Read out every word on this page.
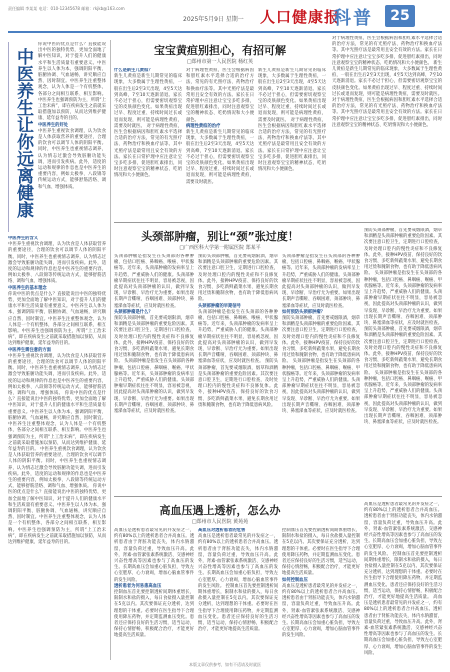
责任编辑 李某某 电话：010-12345678 邮箱：rkjkb@163.com
2025年5月9日 星期一 人口健康报
科普	25
中医养生让你远离健康
你说中医的优点是什么？直接能说出中医的独特优势，更加全面地了解中医知识，对于提升人们的健康水平和生活质量有重要意义。中医养生以人体为本，强调阴阳平衡、脏腑协调、气血通畅，讲究顺应自然、因时制宜。中医养生注重整体观念，认为人体是一个有机整体，各部分之间相互联系、相互影响。中医养生也强调预防为主，所谓“上工治未病”，即在疾病发生之前就采取措施加以预防，从而达到维护健康、延年益寿的目的。
中医养生的好处
中医养生重视饮食调理，认为饮食是人体获取营养的重要途径，合理的饮食可以调节人体的阴阳平衡。同时，中医养生也重视情志调养，认为情志过激会导致脏腑功能失调，进而引发疾病。此外，适度的运动和规律的作息也是中医养生的重要内容，例如太极拳、八段锦等传统运动方式，能够舒筋活络、调和气血、增强体质。
中医养生的含义
中医养生重视饮食调理，认为饮食是人体获取营养的重要途径，合理的饮食可以调节人体的阴阳平衡。同时，中医养生也重视情志调养，认为情志过激会导致脏腑功能失调，进而引发疾病。此外，适度的运动和规律的作息也是中医养生的重要内容，例如太极拳、八段锦等传统运动方式，能够舒筋活络、调和气血、增强体质。
中医养生的基本理念
你说中医的优点是什么？直接能说出中医的独特优势，更加全面地了解中医知识，对于提升人们的健康水平和生活质量有重要意义。中医养生以人体为本，强调阴阳平衡、脏腑协调、气血通畅，讲究顺应自然、因时制宜。中医养生注重整体观念，认为人体是一个有机整体，各部分之间相互联系、相互影响。中医养生也强调预防为主，所谓“上工治未病”，即在疾病发生之前就采取措施加以预防，从而达到维护健康、延年益寿的目的。
中医养生需注意的方面
中医养生重视饮食调理，认为饮食是人体获取营养的重要途径，合理的饮食可以调节人体的阴阳平衡。同时，中医养生也重视情志调养，认为情志过激会导致脏腑功能失调，进而引发疾病。此外，适度的运动和规律的作息也是中医养生的重要内容，例如太极拳、八段锦等传统运动方式，能够舒筋活络、调和气血、增强体质。 你说中医的优点是什么？直接能说出中医的独特优势，更加全面地了解中医知识，对于提升人们的健康水平和生活质量有重要意义。中医养生以人体为本，强调阴阳平衡、脏腑协调、气血通畅，讲究顺应自然、因时制宜。中医养生注重整体观念，认为人体是一个有机整体，各部分之间相互联系、相互影响。中医养生也强调预防为主，所谓“上工治未病”，即在疾病发生之前就采取措施加以预防，从而达到维护健康、延年益寿的目的。 中医养生重视饮食调理，认为饮食是人体获取营养的重要途径，合理的饮食可以调节人体的阴阳平衡。同时，中医养生也重视情志调养，认为情志过激会导致脏腑功能失调，进而引发疾病。此外，适度的运动和规律的作息也是中医养生的重要内容，例如太极拳、八段锦等传统运动方式，能够舒筋活络、调和气血、增强体质。 你说中医的优点是什么？直接能说出中医的独特优势，更加全面地了解中医知识，对于提升人们的健康水平和生活质量有重要意义。中医养生以人体为本，强调阴阳平衡、脏腑协调、气血通畅，讲究顺应自然、因时制宜。中医养生注重整体观念，认为人体是一个有机整体，各部分之间相互联系、相互影响。中医养生也强调预防为主，所谓“上工治未病”，即在疾病发生之前就采取措施加以预防，从而达到维护健康、延年益寿的目的。
宝宝黄疸别担心，有招可解
□郑州市第一人民医院 杨红英
什么是新生儿黄疸？
新生儿黄疸是新生儿期常见的临床现象，大多数属于生理性黄疸，一般在出生后2至3天出现，4至5天达到高峰，7至10天逐渐消退。家长不必过于担心，但需要密切观察宝宝的皮肤颜色变化。如果黄疸出现过早、程度过重、持续时间过长或退而复现，则可能是病理性黄疸，需要及时就医。 对于病理性黄疸，医生会根据病因和胆红素水平选择合适的治疗方法，常见的有光照疗法、药物治疗和换血疗法等。其中光照疗法是最常用且安全有效的方法。家长在日常护理中应注意让宝宝多吃多排，促进胆红素排出，同时注意观察宝宝的精神状态、吃奶情况和大小便颜色。
对于病理性黄疸，医生会根据病因和胆红素水平选择合适的治疗方法，常见的有光照疗法、药物治疗和换血疗法等。其中光照疗法是最常用且安全有效的方法。家长在日常护理中应注意让宝宝多吃多排，促进胆红素排出，同时注意观察宝宝的精神状态、吃奶情况和大小便颜色。
病理性黄疸的治疗
新生儿黄疸是新生儿期常见的临床现象，大多数属于生理性黄疸，一般在出生后2至3天出现，4至5天达到高峰，7至10天逐渐消退。家长不必过于担心，但需要密切观察宝宝的皮肤颜色变化。如果黄疸出现过早、程度过重、持续时间过长或退而复现，则可能是病理性黄疸，需要及时就医。
新生儿黄疸是新生儿期常见的临床现象，大多数属于生理性黄疸，一般在出生后2至3天出现，4至5天达到高峰，7至10天逐渐消退。家长不必过于担心，但需要密切观察宝宝的皮肤颜色变化。如果黄疸出现过早、程度过重、持续时间过长或退而复现，则可能是病理性黄疸，需要及时就医。 对于病理性黄疸，医生会根据病因和胆红素水平选择合适的治疗方法，常见的有光照疗法、药物治疗和换血疗法等。其中光照疗法是最常用且安全有效的方法。家长在日常护理中应注意让宝宝多吃多排，促进胆红素排出，同时注意观察宝宝的精神状态、吃奶情况和大小便颜色。
对于病理性黄疸，医生会根据病因和胆红素水平选择合适的治疗方法，常见的有光照疗法、药物治疗和换血疗法等。其中光照疗法是最常用且安全有效的方法。家长在日常护理中应注意让宝宝多吃多排，促进胆红素排出，同时注意观察宝宝的精神状态、吃奶情况和大小便颜色。 新生儿黄疸是新生儿期常见的临床现象，大多数属于生理性黄疸，一般在出生后2至3天出现，4至5天达到高峰，7至10天逐渐消退。家长不必过于担心，但需要密切观察宝宝的皮肤颜色变化。如果黄疸出现过早、程度过重、持续时间过长或退而复现，则可能是病理性黄疸，需要及时就医。 对于病理性黄疸，医生会根据病因和胆红素水平选择合适的治疗方法，常见的有光照疗法、药物治疗和换血疗法等。其中光照疗法是最常用且安全有效的方法。家长在日常护理中应注意让宝宝多吃多排，促进胆红素排出，同时注意观察宝宝的精神状态、吃奶情况和大小便颜色。
头颈部肿瘤，别让“颈”张过度！
□广西医科大学第一附属医院 郑某平
头颈部肿瘤是指发生在头颈部的各种肿瘤，包括口腔癌、鼻咽癌、喉癌、甲状腺癌等。近年来，头颈部肿瘤的发病率呈上升趋势，严重威胁人们的健康。头颈部肿瘤早期症状往往不明显，容易被忽视，因此提高对头颈部肿瘤的认识，做到早发现、早诊断、早治疗尤为重要。如果出现长期声音嘶哑、吞咽困难、颈部肿块、鼻塞涕血等症状，应及时就医检查。
头颈部肿瘤是什么？
预防头颈部肿瘤，首先要戒烟限酒，烟草和酒精是头颈部肿瘤的重要危险因素。其次要注意口腔卫生，定期进行口腔检查，及时处理口腔内的慢性炎症和不良修复体。此外，接种HPV疫苗、保持良好的饮食习惯、多吃新鲜蔬菜水果、避免长期食用过烫和腌制食物，也有助于降低患病风险。 头颈部肿瘤是指发生在头颈部的各种肿瘤，包括口腔癌、鼻咽癌、喉癌、甲状腺癌等。近年来，头颈部肿瘤的发病率呈上升趋势，严重威胁人们的健康。头颈部肿瘤早期症状往往不明显，容易被忽视，因此提高对头颈部肿瘤的认识，做到早发现、早诊断、早治疗尤为重要。如果出现长期声音嘶哑、吞咽困难、颈部肿块、鼻塞涕血等症状，应及时就医检查。
预防头颈部肿瘤，首先要戒烟限酒，烟草和酒精是头颈部肿瘤的重要危险因素。其次要注意口腔卫生，定期进行口腔检查，及时处理口腔内的慢性炎症和不良修复体。此外，接种HPV疫苗、保持良好的饮食习惯、多吃新鲜蔬菜水果、避免长期食用过烫和腌制食物，也有助于降低患病风险。
头颈部肿瘤的早期信号
头颈部肿瘤是指发生在头颈部的各种肿瘤，包括口腔癌、鼻咽癌、喉癌、甲状腺癌等。近年来，头颈部肿瘤的发病率呈上升趋势，严重威胁人们的健康。头颈部肿瘤早期症状往往不明显，容易被忽视，因此提高对头颈部肿瘤的认识，做到早发现、早诊断、早治疗尤为重要。如果出现长期声音嘶哑、吞咽困难、颈部肿块、鼻塞涕血等症状，应及时就医检查。 预防头颈部肿瘤，首先要戒烟限酒，烟草和酒精是头颈部肿瘤的重要危险因素。其次要注意口腔卫生，定期进行口腔检查，及时处理口腔内的慢性炎症和不良修复体。此外，接种HPV疫苗、保持良好的饮食习惯、多吃新鲜蔬菜水果、避免长期食用过烫和腌制食物，也有助于降低患病风险。
头颈部肿瘤是指发生在头颈部的各种肿瘤，包括口腔癌、鼻咽癌、喉癌、甲状腺癌等。近年来，头颈部肿瘤的发病率呈上升趋势，严重威胁人们的健康。头颈部肿瘤早期症状往往不明显，容易被忽视，因此提高对头颈部肿瘤的认识，做到早发现、早诊断、早治疗尤为重要。如果出现长期声音嘶哑、吞咽困难、颈部肿块、鼻塞涕血等症状，应及时就医检查。
如何预防头颈部肿瘤？
预防头颈部肿瘤，首先要戒烟限酒，烟草和酒精是头颈部肿瘤的重要危险因素。其次要注意口腔卫生，定期进行口腔检查，及时处理口腔内的慢性炎症和不良修复体。此外，接种HPV疫苗、保持良好的饮食习惯、多吃新鲜蔬菜水果、避免长期食用过烫和腌制食物，也有助于降低患病风险。 头颈部肿瘤是指发生在头颈部的各种肿瘤，包括口腔癌、鼻咽癌、喉癌、甲状腺癌等。近年来，头颈部肿瘤的发病率呈上升趋势，严重威胁人们的健康。头颈部肿瘤早期症状往往不明显，容易被忽视，因此提高对头颈部肿瘤的认识，做到早发现、早诊断、早治疗尤为重要。如果出现长期声音嘶哑、吞咽困难、颈部肿块、鼻塞涕血等症状，应及时就医检查。
预防头颈部肿瘤，首先要戒烟限酒，烟草和酒精是头颈部肿瘤的重要危险因素。其次要注意口腔卫生，定期进行口腔检查，及时处理口腔内的慢性炎症和不良修复体。此外，接种HPV疫苗、保持良好的饮食习惯、多吃新鲜蔬菜水果、避免长期食用过烫和腌制食物，也有助于降低患病风险。 头颈部肿瘤是指发生在头颈部的各种肿瘤，包括口腔癌、鼻咽癌、喉癌、甲状腺癌等。近年来，头颈部肿瘤的发病率呈上升趋势，严重威胁人们的健康。头颈部肿瘤早期症状往往不明显，容易被忽视，因此提高对头颈部肿瘤的认识，做到早发现、早诊断、早治疗尤为重要。如果出现长期声音嘶哑、吞咽困难、颈部肿块、鼻塞涕血等症状，应及时就医检查。 预防头颈部肿瘤，首先要戒烟限酒，烟草和酒精是头颈部肿瘤的重要危险因素。其次要注意口腔卫生，定期进行口腔检查，及时处理口腔内的慢性炎症和不良修复体。此外，接种HPV疫苗、保持良好的饮食习惯、多吃新鲜蔬菜水果、避免长期食用过烫和腌制食物，也有助于降低患病风险。 头颈部肿瘤是指发生在头颈部的各种肿瘤，包括口腔癌、鼻咽癌、喉癌、甲状腺癌等。近年来，头颈部肿瘤的发病率呈上升趋势，严重威胁人们的健康。头颈部肿瘤早期症状往往不明显，容易被忽视，因此提高对头颈部肿瘤的认识，做到早发现、早诊断、早治疗尤为重要。如果出现长期声音嘶哑、吞咽困难、颈部肿块、鼻塞涕血等症状，应及时就医检查。
高血压遇上透析，怎么办
□郑州市人民医院 黄苑苑
高血压是透析患者最常见的并发症之一，约有80%以上的透析患者合并高血压。透析患者由于肾脏功能丧失，体内水钠潴留，容量负荷过重，导致血压升高。此外，肾素-血管紧张素系统激活、交感神经兴奋性增高等因素也参与了高血压的发生。长期高血压会加重心脏负担，导致左心室肥厚、心力衰竭，增加心脑血管事件的发生风险。
透析患者为何易患高血压
控制血压首先要控制透析间期体重增长，限制水和盐的摄入，每日食盐摄入量控制在5克以内。其次要保证充分透析，达到理想的干体重。必要时在医生指导下合理使用降压药物，并定期监测血压变化。患者还应保持良好的生活习惯，适当运动，保持心情舒畅，积极配合治疗，才能更好地提高生活质量。
高血压对透析患者的危害
高血压是透析患者最常见的并发症之一，约有80%以上的透析患者合并高血压。透析患者由于肾脏功能丧失，体内水钠潴留，容量负荷过重，导致血压升高。此外，肾素-血管紧张素系统激活、交感神经兴奋性增高等因素也参与了高血压的发生。长期高血压会加重心脏负担，导致左心室肥厚、心力衰竭，增加心脑血管事件的发生风险。 控制血压首先要控制透析间期体重增长，限制水和盐的摄入，每日食盐摄入量控制在5克以内。其次要保证充分透析，达到理想的干体重。必要时在医生指导下合理使用降压药物，并定期监测血压变化。患者还应保持良好的生活习惯，适当运动，保持心情舒畅，积极配合治疗，才能更好地提高生活质量。
控制血压首先要控制透析间期体重增长，限制水和盐的摄入，每日食盐摄入量控制在5克以内。其次要保证充分透析，达到理想的干体重。必要时在医生指导下合理使用降压药物，并定期监测血压变化。患者还应保持良好的生活习惯，适当运动，保持心情舒畅，积极配合治疗，才能更好地提高生活质量。
如何控制血压
高血压是透析患者最常见的并发症之一，约有80%以上的透析患者合并高血压。透析患者由于肾脏功能丧失，体内水钠潴留，容量负荷过重，导致血压升高。此外，肾素-血管紧张素系统激活、交感神经兴奋性增高等因素也参与了高血压的发生。长期高血压会加重心脏负担，导致左心室肥厚、心力衰竭，增加心脑血管事件的发生风险。
高血压是透析患者最常见的并发症之一，约有80%以上的透析患者合并高血压。透析患者由于肾脏功能丧失，体内水钠潴留，容量负荷过重，导致血压升高。此外，肾素-血管紧张素系统激活、交感神经兴奋性增高等因素也参与了高血压的发生。长期高血压会加重心脏负担，导致左心室肥厚、心力衰竭，增加心脑血管事件的发生风险。 控制血压首先要控制透析间期体重增长，限制水和盐的摄入，每日食盐摄入量控制在5克以内。其次要保证充分透析，达到理想的干体重。必要时在医生指导下合理使用降压药物，并定期监测血压变化。患者还应保持良好的生活习惯，适当运动，保持心情舒畅，积极配合治疗，才能更好地提高生活质量。 高血压是透析患者最常见的并发症之一，约有80%以上的透析患者合并高血压。透析患者由于肾脏功能丧失，体内水钠潴留，容量负荷过重，导致血压升高。此外，肾素-血管紧张素系统激活、交感神经兴奋性增高等因素也参与了高血压的发生。长期高血压会加重心脏负担，导致左心室肥厚、心力衰竭，增加心脑血管事件的发生风险。
本版文章仅供参考，如有不适请及时就医
